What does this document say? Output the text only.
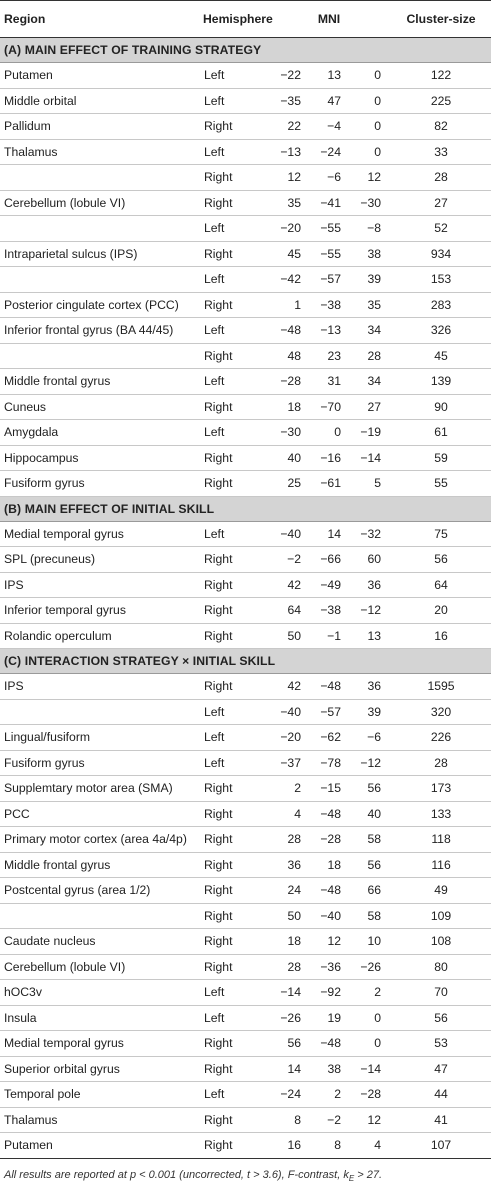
Region	Hemisphere	MNI			Cluster-size
(A) MAIN EFFECT OF TRAINING STRATEGY					
Putamen	Left	−22	13	0	122
Middle orbital	Left	−35	47	0	225
Pallidum	Right	22	−4	0	82
Thalamus	Left	−13	−24	0	33
	Right	12	−6	12	28
Cerebellum (lobule VI)	Right	35	−41	−30	27
	Left	−20	−55	−8	52
Intraparietal sulcus (IPS)	Right	45	−55	38	934
	Left	−42	−57	39	153
Posterior cingulate cortex (PCC)	Right	1	−38	35	283
Inferior frontal gyrus (BA 44/45)	Left	−48	−13	34	326
	Right	48	23	28	45
Middle frontal gyrus	Left	−28	31	34	139
Cuneus	Right	18	−70	27	90
Amygdala	Left	−30	0	−19	61
Hippocampus	Right	40	−16	−14	59
Fusiform gyrus	Right	25	−61	5	55
(B) MAIN EFFECT OF INITIAL SKILL					
Medial temporal gyrus	Left	−40	14	−32	75
SPL (precuneus)	Right	−2	−66	60	56
IPS	Right	42	−49	36	64
Inferior temporal gyrus	Right	64	−38	−12	20
Rolandic operculum	Right	50	−1	13	16
(C) INTERACTION STRATEGY × INITIAL SKILL					
IPS	Right	42	−48	36	1595
	Left	−40	−57	39	320
Lingual/fusiform	Left	−20	−62	−6	226
Fusiform gyrus	Left	−37	−78	−12	28
Supplemtary motor area (SMA)	Right	2	−15	56	173
PCC	Right	4	−48	40	133
Primary motor cortex (area 4a/4p)	Right	28	−28	58	118
Middle frontal gyrus	Right	36	18	56	116
Postcental gyrus (area 1/2)	Right	24	−48	66	49
	Right	50	−40	58	109
Caudate nucleus	Right	18	12	10	108
Cerebellum (lobule VI)	Right	28	−36	−26	80
hOC3v	Left	−14	−92	2	70
Insula	Left	−26	19	0	56
Medial temporal gyrus	Right	56	−48	0	53
Superior orbital gyrus	Right	14	38	−14	47
Temporal pole	Left	−24	2	−28	44
Thalamus	Right	8	−2	12	41
Putamen	Right	16	8	4	107
All results are reported at p < 0.001 (uncorrected, t > 3.6), F-contrast, $k_E > 27$.
